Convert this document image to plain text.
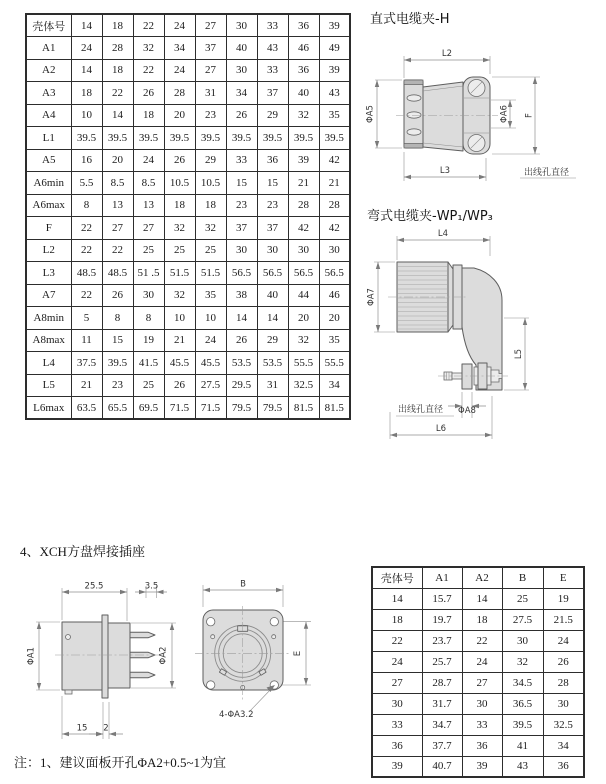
壳体号	14	18	22	24	27	30	33	36	39
A1	24	28	32	34	37	40	43	46	49
A2	14	18	22	24	27	30	33	36	39
A3	18	22	26	28	31	34	37	40	43
A4	10	14	18	20	23	26	29	32	35
L1	39.5	39.5	39.5	39.5	39.5	39.5	39.5	39.5	39.5
A5	16	20	24	26	29	33	36	39	42
A6min	5.5	8.5	8.5	10.5	10.5	15	15	21	21
A6max	8	13	13	18	18	23	23	28	28
F	22	27	27	32	32	37	37	42	42
L2	22	22	25	25	25	30	30	30	30
L3	48.5	48.5	51 .5	51.5	51.5	56.5	56.5	56.5	56.5
A7	22	26	30	32	35	38	40	44	46
A8min	5	8	8	10	10	14	14	20	20
A8max	11	15	19	21	24	26	29	32	35
L4	37.5	39.5	41.5	45.5	45.5	53.5	53.5	55.5	55.5
L5	21	23	25	26	27.5	29.5	31	32.5	34
L6max	63.5	65.5	69.5	71.5	71.5	79.5	79.5	81.5	81.5
直式电缆夹-H
L2
ΦA5	ΦA6 F
L3	出线孔直径
弯式电缆夹-WP₁/WP₃
L4
ΦA7
L5
L6
ΦA8
出线孔直径
4、XCH方盘焊接插座
25.5	3.5
ΦA1	ΦA2
15 2
B
E
4-ΦA3.2
壳体号	A1	A2	B	E
14	15.7	14	25	19
18	19.7	18	27.5	21.5
22	23.7	22	30	24
24	25.7	24	32	26
27	28.7	27	34.5	28
30	31.7	30	36.5	30
33	34.7	33	39.5	32.5
36	37.7	36	41	34
39	40.7	39	43	36
注：1、建议面板开孔ΦA2+0.5~1为宜
